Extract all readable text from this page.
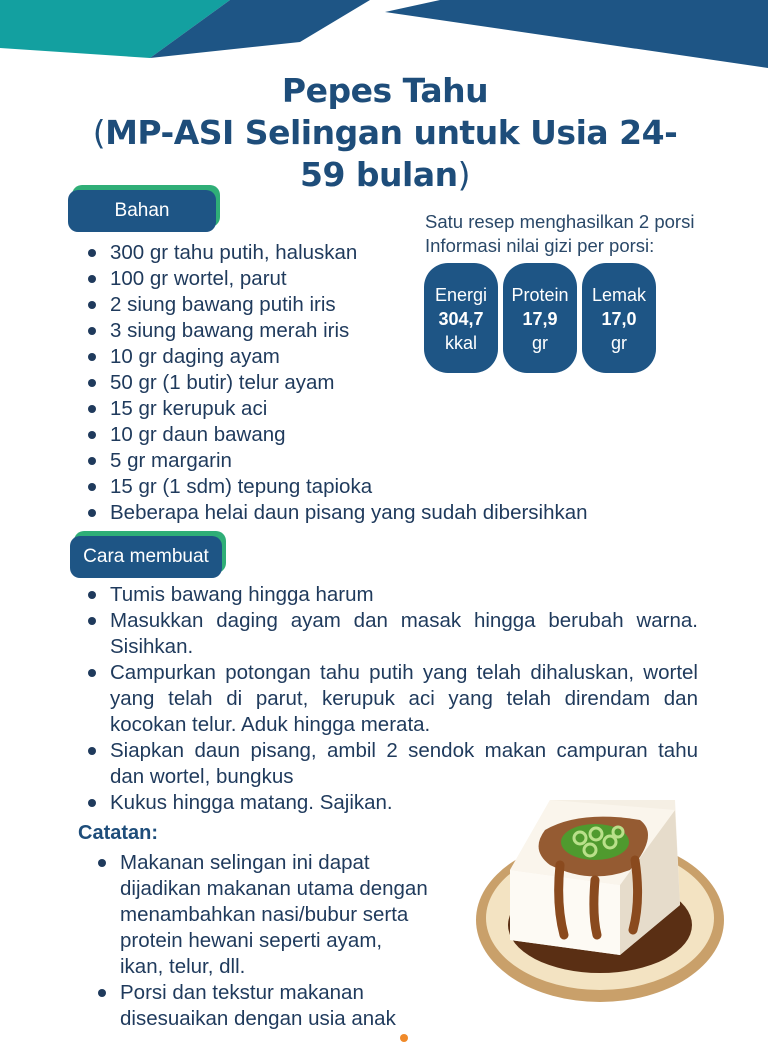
Pepes Tahu
(MP-ASI Selingan untuk Usia 24-
59 bulan)
Bahan
300 gr tahu putih, haluskan
100 gr wortel, parut
2 siung bawang putih iris
3 siung bawang merah iris
10 gr daging ayam
50 gr (1 butir) telur ayam
15 gr kerupuk aci
10 gr daun bawang
5 gr margarin
15 gr (1 sdm) tepung tapioka
Beberapa helai daun pisang yang sudah dibersihkan
Satu resep menghasilkan 2 porsi
Informasi nilai gizi per porsi:
Energi
304,7
kkal
Protein
17,9
gr
Lemak
17,0
gr
Cara membuat
Tumis bawang hingga harum
Masukkan daging ayam dan masak hingga berubah warna. Sisihkan.
Campurkan potongan tahu putih yang telah dihaluskan, wortel yang telah di parut, kerupuk aci yang telah direndam dan kocokan telur. Aduk hingga merata.
Siapkan daun pisang, ambil 2 sendok makan campuran tahu dan wortel, bungkus
Kukus hingga matang. Sajikan.
Catatan:
Makanan selingan ini dapat dijadikan makanan utama dengan menambahkan nasi/bubur serta protein hewani seperti ayam, ikan, telur, dll.
Porsi dan tekstur makanan disesuaikan dengan usia anak
